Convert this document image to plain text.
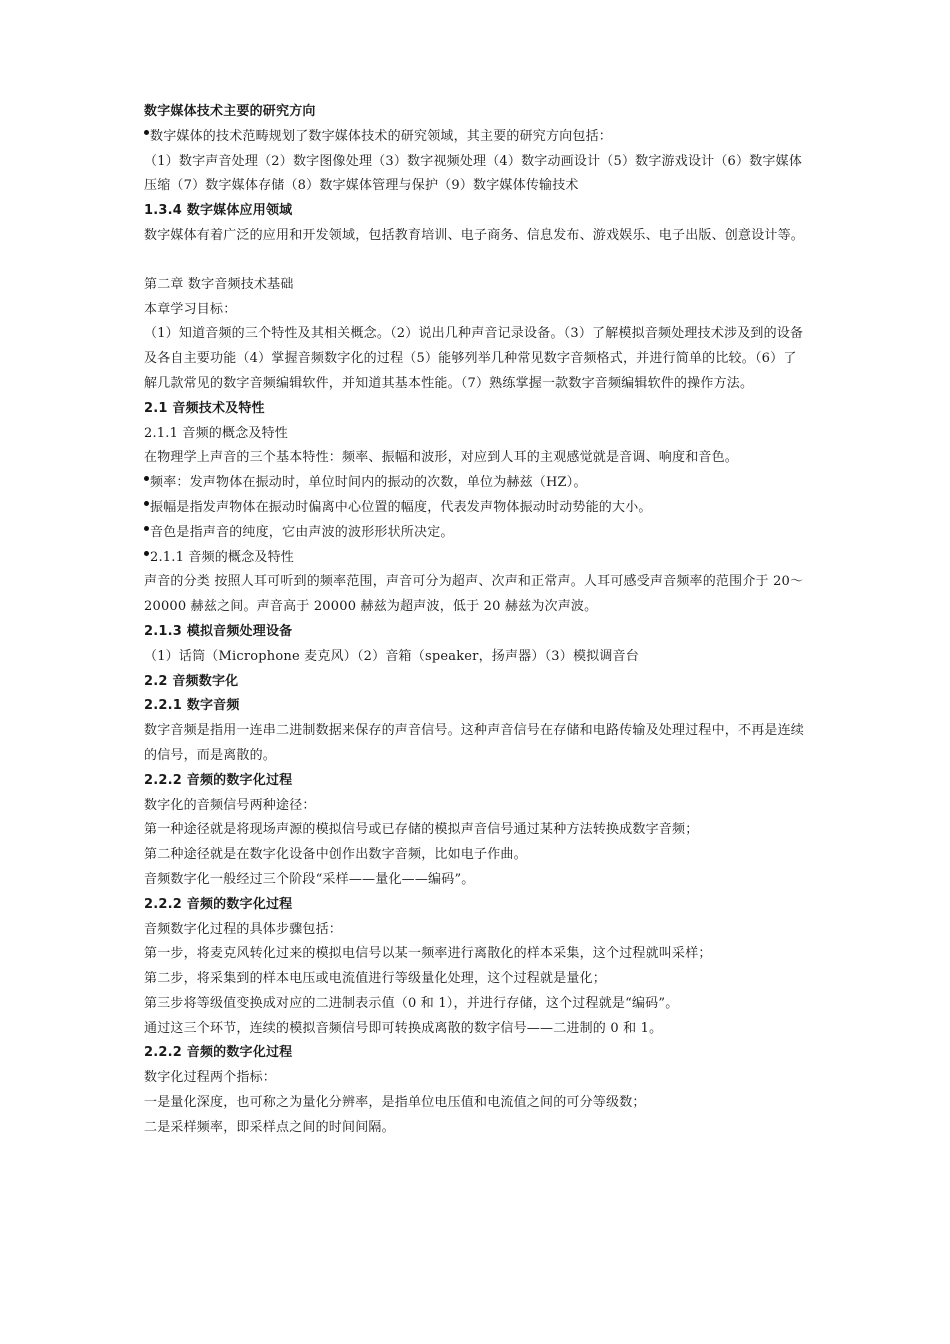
数字媒体技术主要的研究方向

数字媒体的技术范畴规划了数字媒体技术的研究领域，其主要的研究方向包括：

（1）数字声音处理（2）数字图像处理（3）数字视频处理（4）数字动画设计（5）数字游戏设计（6）数字媒体压缩（7）数字媒体存储（8）数字媒体管理与保护（9）数字媒体传输技术

1.3.4 数字媒体应用领域

数字媒体有着广泛的应用和开发领域，包括教育培训、电子商务、信息发布、游戏娱乐、电子出版、创意设计等。

第二章 数字音频技术基础

本章学习目标：

（1）知道音频的三个特性及其相关概念。（2）说出几种声音记录设备。（3）了解模拟音频处理技术涉及到的设备及各自主要功能（4）掌握音频数字化的过程（5）能够列举几种常见数字音频格式，并进行简单的比较。（6）了解几款常见的数字音频编辑软件，并知道其基本性能。（7）熟练掌握一款数字音频编辑软件的操作方法。

2.1 音频技术及特性

2.1.1 音频的概念及特性

在物理学上声音的三个基本特性：频率、振幅和波形，对应到人耳的主观感觉就是音调、响度和音色。

频率：发声物体在振动时，单位时间内的振动的次数，单位为赫兹（HZ）。

振幅是指发声物体在振动时偏离中心位置的幅度，代表发声物体振动时动势能的大小。

音色是指声音的纯度，它由声波的波形形状所决定。

2.1.1 音频的概念及特性

声音的分类 按照人耳可听到的频率范围，声音可分为超声、次声和正常声。人耳可感受声音频率的范围介于 20～20000 赫兹之间。声音高于 20000 赫兹为超声波，低于 20 赫兹为次声波。

2.1.3 模拟音频处理设备

（1）话筒（Microphone 麦克风）（2）音箱（speaker，扬声器）（3）模拟调音台

2.2 音频数字化

2.2.1 数字音频

数字音频是指用一连串二进制数据来保存的声音信号。这种声音信号在存储和电路传输及处理过程中，不再是连续的信号，而是离散的。

2.2.2 音频的数字化过程

数字化的音频信号两种途径：

第一种途径就是将现场声源的模拟信号或已存储的模拟声音信号通过某种方法转换成数字音频；

第二种途径就是在数字化设备中创作出数字音频，比如电子作曲。

音频数字化一般经过三个阶段“采样——量化——编码”。

2.2.2 音频的数字化过程

音频数字化过程的具体步骤包括：

第一步，将麦克风转化过来的模拟电信号以某一频率进行离散化的样本采集，这个过程就叫采样；

第二步，将采集到的样本电压或电流值进行等级量化处理，这个过程就是量化；

第三步将等级值变换成对应的二进制表示值（0 和 1），并进行存储，这个过程就是“编码”。

通过这三个环节，连续的模拟音频信号即可转换成离散的数字信号——二进制的 0 和 1。

2.2.2 音频的数字化过程

数字化过程两个指标：

一是量化深度，也可称之为量化分辨率，是指单位电压值和电流值之间的可分等级数；

二是采样频率，即采样点之间的时间间隔。
